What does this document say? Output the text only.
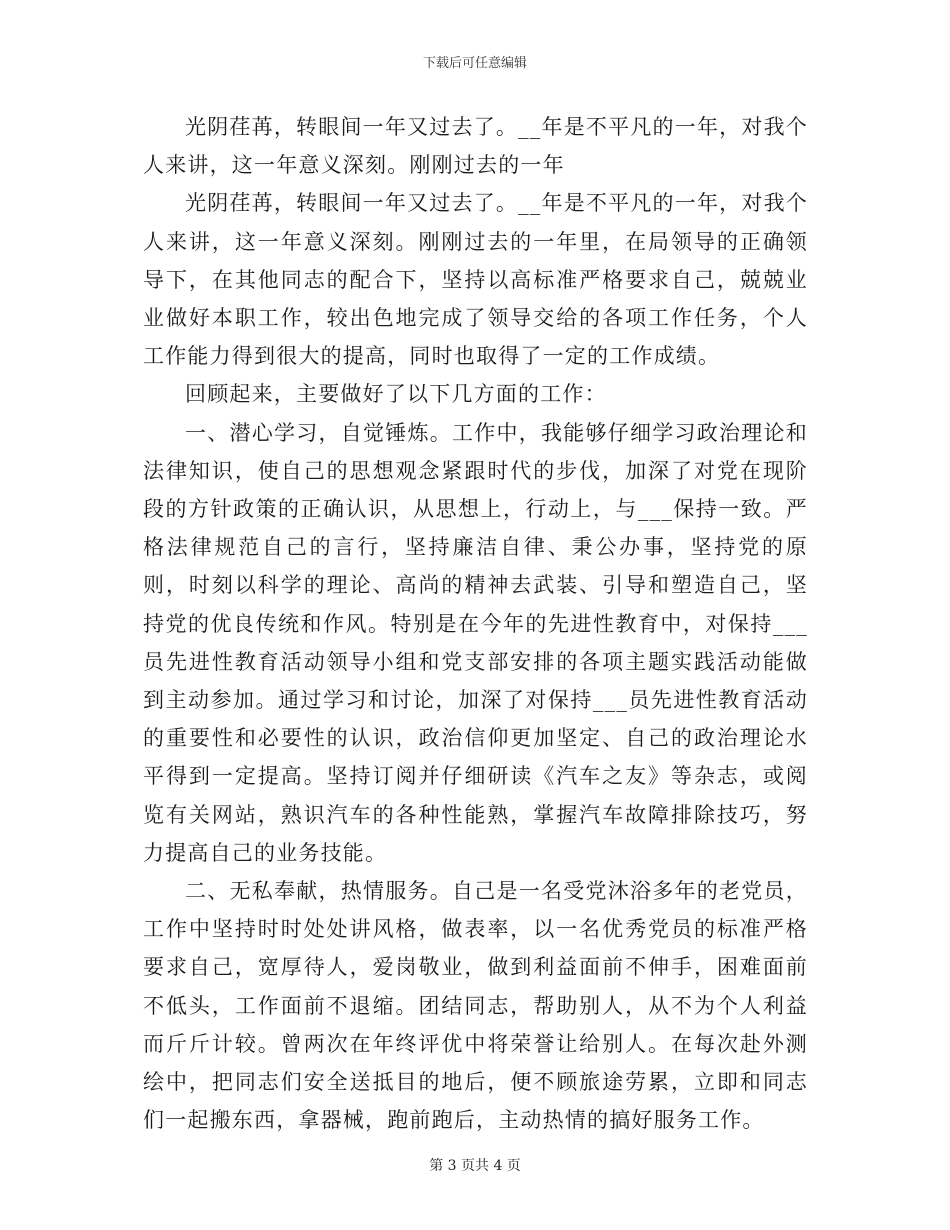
下载后可任意编辑

光阴荏苒，转眼间一年又过去了。__年是不平凡的一年，对我个人来讲，这一年意义深刻。刚刚过去的一年

光阴荏苒，转眼间一年又过去了。__年是不平凡的一年，对我个人来讲，这一年意义深刻。刚刚过去的一年里，在局领导的正确领导下，在其他同志的配合下，坚持以高标准严格要求自己，兢兢业业做好本职工作，较出色地完成了领导交给的各项工作任务，个人工作能力得到很大的提高，同时也取得了一定的工作成绩。

回顾起来，主要做好了以下几方面的工作：

一、潜心学习，自觉锤炼。工作中，我能够仔细学习政治理论和法律知识，使自己的思想观念紧跟时代的步伐，加深了对党在现阶段的方针政策的正确认识，从思想上，行动上，与___保持一致。严格法律规范自己的言行，坚持廉洁自律、秉公办事，坚持党的原则，时刻以科学的理论、高尚的精神去武装、引导和塑造自己，坚持党的优良传统和作风。特别是在今年的先进性教育中，对保持___员先进性教育活动领导小组和党支部安排的各项主题实践活动能做到主动参加。通过学习和讨论，加深了对保持___员先进性教育活动的重要性和必要性的认识，政治信仰更加坚定、自己的政治理论水平得到一定提高。坚持订阅并仔细研读《汽车之友》等杂志，或阅览有关网站，熟识汽车的各种性能熟，掌握汽车故障排除技巧，努力提高自己的业务技能。

二、无私奉献，热情服务。自己是一名受党沐浴多年的老党员，工作中坚持时时处处讲风格，做表率，以一名优秀党员的标准严格要求自己，宽厚待人，爱岗敬业，做到利益面前不伸手，困难面前不低头，工作面前不退缩。团结同志，帮助别人，从不为个人利益而斤斤计较。曾两次在年终评优中将荣誉让给别人。在每次赴外测绘中，把同志们安全送抵目的地后，便不顾旅途劳累，立即和同志们一起搬东西，拿器械，跑前跑后，主动热情的搞好服务工作。

第 3 页共 4 页
